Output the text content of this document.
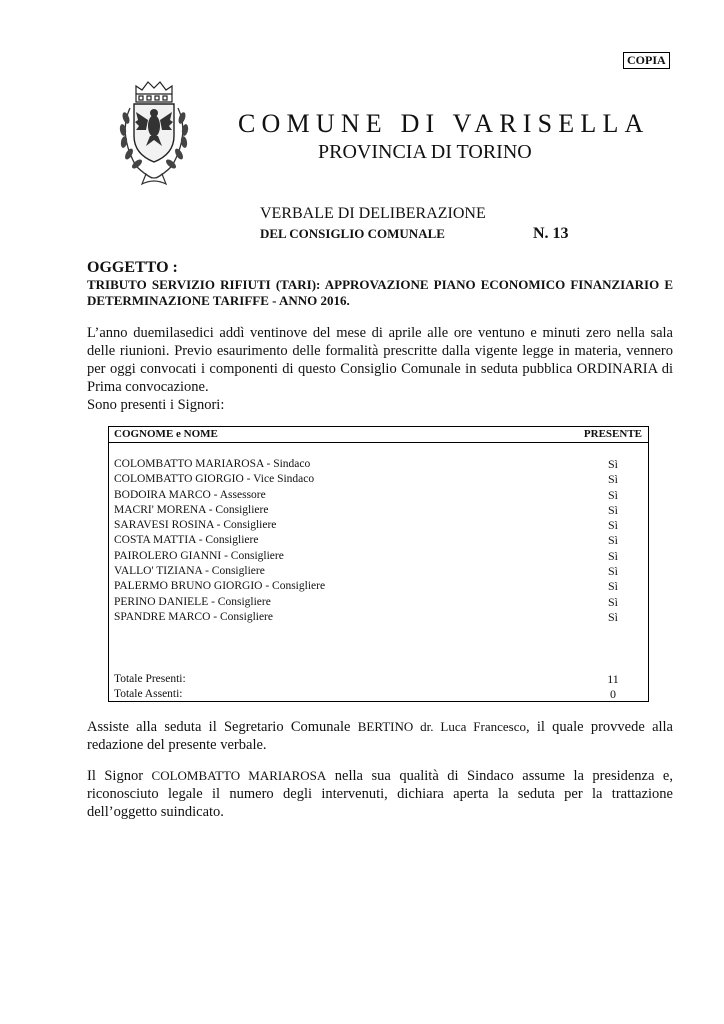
COPIA
COMUNE DI VARISELLA
PROVINCIA DI TORINO
VERBALE DI DELIBERAZIONE
DEL CONSIGLIO COMUNALE	N. 13
OGGETTO :
TRIBUTO SERVIZIO RIFIUTI (TARI): APPROVAZIONE PIANO ECONOMICO FINANZIARIO E DETERMINAZIONE TARIFFE - ANNO 2016.
L’anno duemilasedici addì ventinove del mese di aprile alle ore ventuno e minuti zero nella sala delle riunioni. Previo esaurimento delle formalità prescritte dalla vigente legge in materia, vennero per oggi convocati i componenti di questo Consiglio Comunale in seduta pubblica ORDINARIA di Prima convocazione.
Sono presenti i Signori:
COGNOME e NOME	PRESENTE
COLOMBATTO MARIAROSA - Sindaco	Sì
COLOMBATTO GIORGIO - Vice Sindaco	Sì
BODOIRA MARCO - Assessore	Sì
MACRI' MORENA - Consigliere	Sì
SARAVESI ROSINA - Consigliere	Sì
COSTA MATTIA - Consigliere	Sì
PAIROLERO GIANNI - Consigliere	Sì
VALLO' TIZIANA - Consigliere	Sì
PALERMO BRUNO GIORGIO - Consigliere	Sì
PERINO DANIELE - Consigliere	Sì
SPANDRE MARCO - Consigliere	Sì
Totale Presenti:	11
Totale Assenti:	0
Assiste alla seduta il Segretario Comunale BERTINO dr. Luca Francesco, il quale provvede alla redazione del presente verbale.
Il Signor COLOMBATTO MARIAROSA nella sua qualità di Sindaco assume la presidenza e, riconosciuto legale il numero degli intervenuti, dichiara aperta la seduta per la trattazione dell’oggetto suindicato.
